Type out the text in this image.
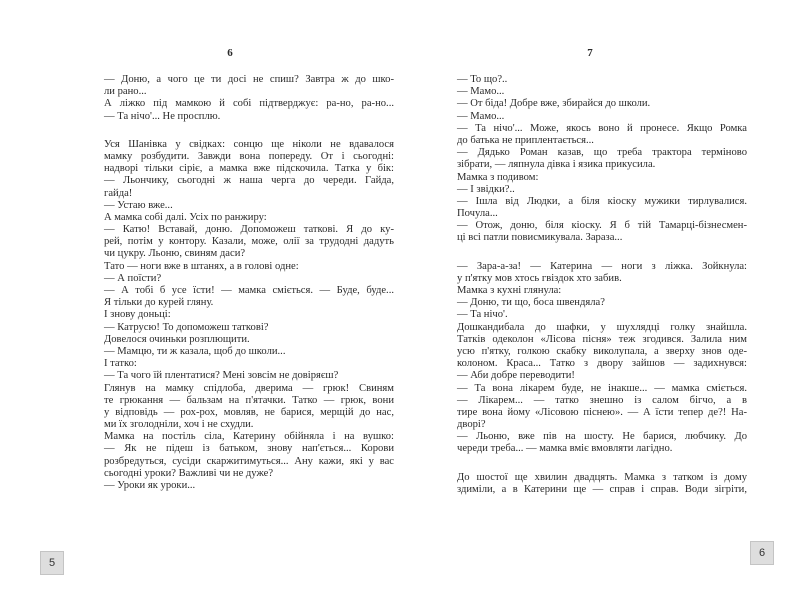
6
— Доню, а чого це ти досі не спиш? Завтра ж до шко-
ли рано...
А ліжко під мамкою й собі підтверджує: ра-но, ра-но...
— Та нічо'... Не просплю.
Уся Шанівка у свідках: сонцю ще ніколи не вдавалося
мамку розбудити. Завжди вона попереду. От і сьогодні:
надворі тільки сіріє, а мамка вже підскочила. Татка у бік:
— Льончику, сьогодні ж наша черга до череди. Гайда,
гайда!
— Устаю вже...
А мамка собі далі. Усіх по ранжиру:
— Катю! Вставай, доню. Допоможеш таткові. Я до ку-
рей, потім у контору. Казали, може, олії за трудодні дадуть
чи цукру. Льоню, свиням даси?
Тато — ноги вже в штанях, а в голові одне:
— А поїсти?
— А тобі б усе їсти! — мамка сміється. — Буде, буде...
Я тільки до курей гляну.
І знову доньці:
— Катрусю! То допоможеш таткові?
Довелося очиньки розплющити.
— Мамцю, ти ж казала, щоб до школи...
І татко:
— Та чого їй плентатися? Мені зовсім не довіряєш?
Глянув на мамку спідлоба, дверима — грюк! Свиням
те грюкання — бальзам на п'ятачки. Татко — грюк, вони
у відповідь — рох-рох, мовляв, не барися, мерщій до нас,
ми їх зголодніли, хоч і не схудли.
Мамка на постіль сіла, Катерину обійняла і на вушко:
— Як не підеш із батьком, знову нап'ється... Корови
розбредуться, сусіди скаржитимуться... Ану кажи, які у вас
сьогодні уроки? Важливі чи не дуже?
— Уроки як уроки...
7
— То що?..
— Мамо...
— От біда! Добре вже, збирайся до школи.
— Мамо...
— Та нічо'... Може, якось воно й пронесе. Якщо Ромка
до батька не приплентається...
— Дядько Роман казав, що треба трактора терміново
зібрати, — ляпнула дівка і язика прикусила.
Мамка з подивом:
— І звідки?..
— Ішла від Людки, а біля кіоску мужики тирлувалися.
Почула...
— Отож, доню, біля кіоску. Я б тій Тамарці-бізнесмен-
ці всі патли повисмикувала. Зараза...
— Зара-а-за! — Катерина — ноги з ліжка. Зойкнула:
у п'ятку мов хтось гвіздок хто забив.
Мамка з кухні глянула:
— Доню, ти що, боса швендяла?
— Та нічо'.
Дошкандибала до шафки, у шухлядці голку знайшла.
Татків одеколон «Лісова пісня» теж згодився. Залила ним
усю п'ятку, голкою скабку виколупала, а зверху знов оде-
колоном. Краса... Татко з двору зайшов — задихнувся:
— Аби добре переводити!
— Та вона лікарем буде, не інакше... — мамка сміється.
— Лікарем... — татко знешно із салом бігчо, а в
тире вона йому «Лісовою піснею». — А їсти тепер де?! На-
дворі?
— Льоню, вже пів на шосту. Не барися, любчику. До
череди треба... — мамка вміє вмовляти лагідно.
До шостої ще хвилин двадцять. Мамка з татком із дому
здиміли, а в Катерини ще — справ і справ. Води зігріти,
5
6
